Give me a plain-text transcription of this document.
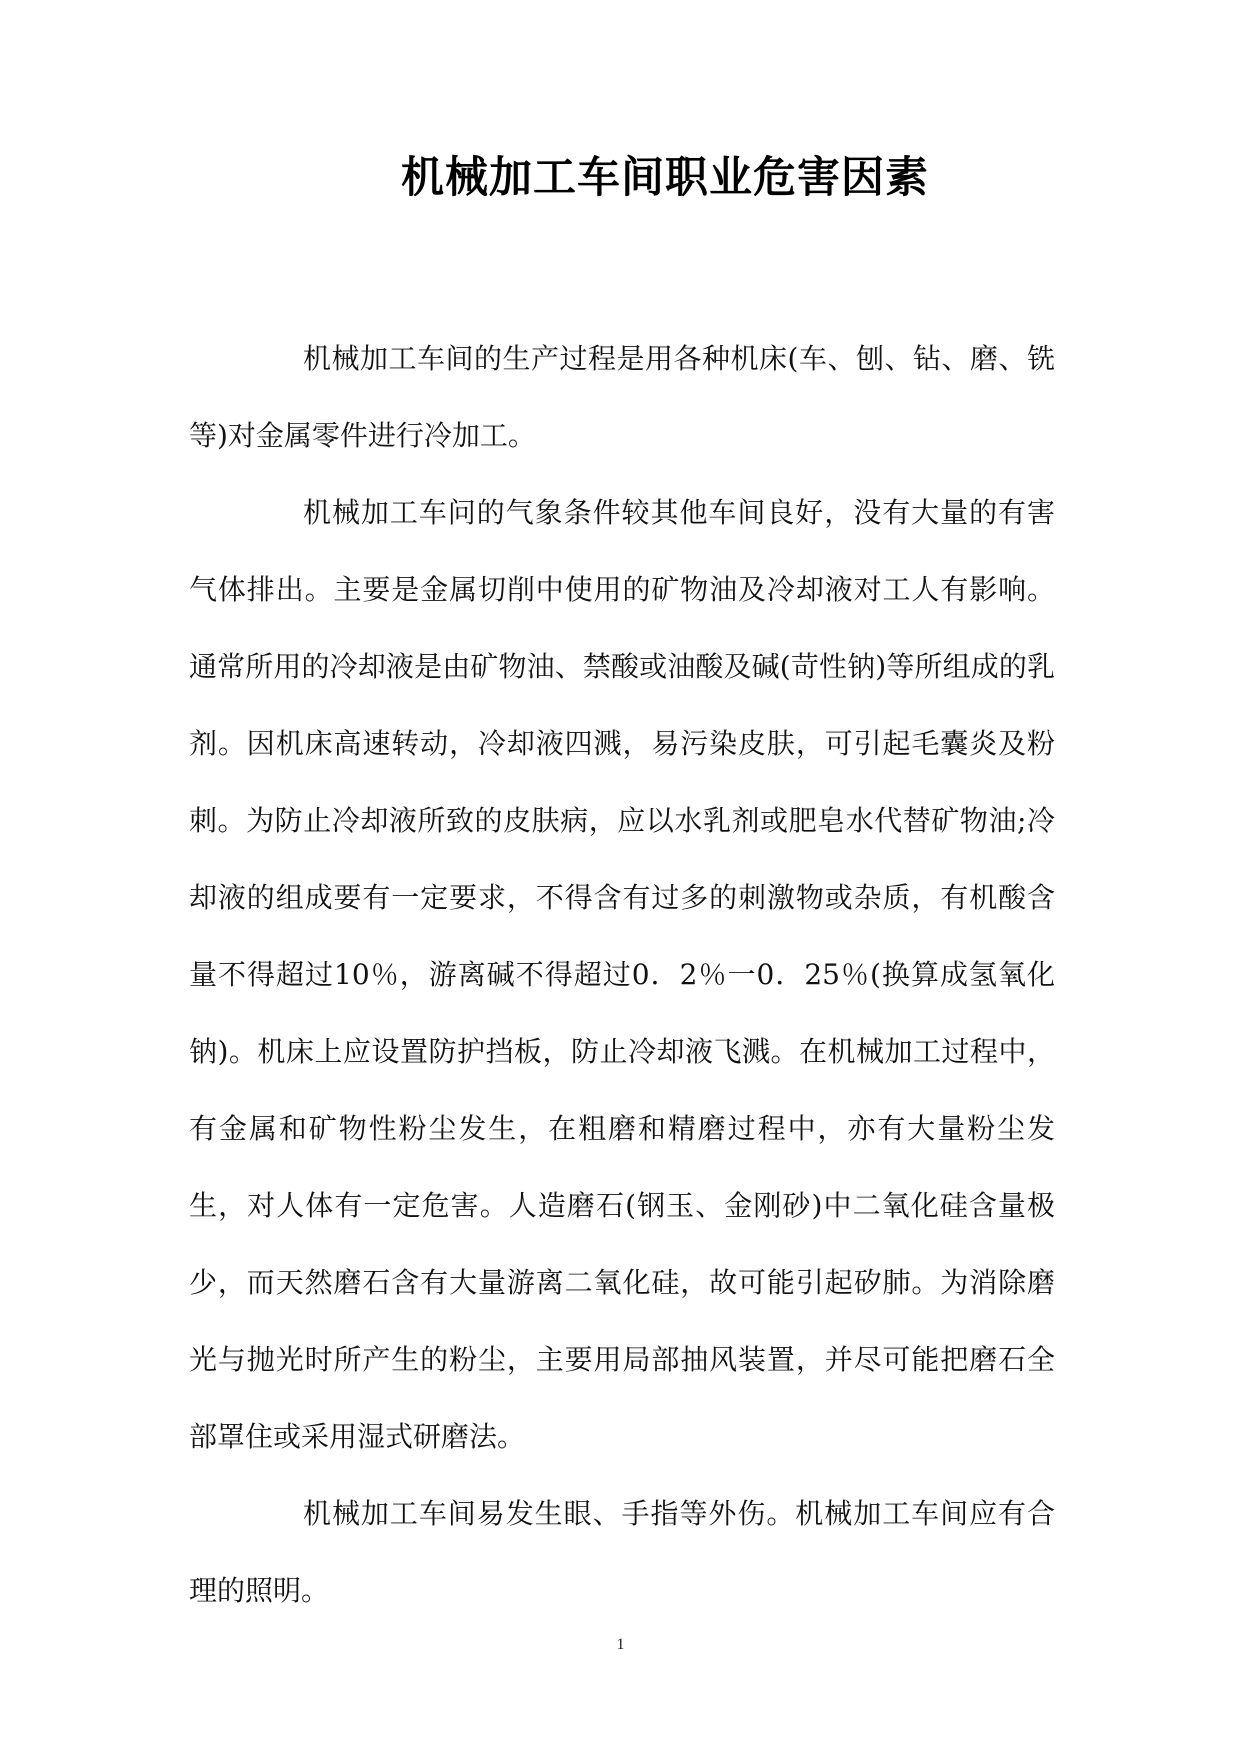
机械加工车间职业危害因素

机械加工车间的生产过程是用各种机床(车、刨、钻、磨、铣等)对金属零件进行冷加工。

机械加工车问的气象条件较其他车间良好，没有大量的有害气体排出。主要是金属切削中使用的矿物油及冷却液对工人有影响。通常所用的冷却液是由矿物油、禁酸或油酸及碱(苛性钠)等所组成的乳剂。因机床高速转动，冷却液四溅，易污染皮肤，可引起毛囊炎及粉刺。为防止冷却液所致的皮肤病，应以水乳剂或肥皂水代替矿物油;冷却液的组成要有一定要求，不得含有过多的刺激物或杂质，有机酸含量不得超过10％，游离碱不得超过0．2％一0．25％(换算成氢氧化钠)。机床上应设置防护挡板，防止冷却液飞溅。在机械加工过程中，有金属和矿物性粉尘发生，在粗磨和精磨过程中，亦有大量粉尘发生，对人体有一定危害。人造磨石(钢玉、金刚砂)中二氧化硅含量极少，而天然磨石含有大量游离二氧化硅，故可能引起矽肺。为消除磨光与抛光时所产生的粉尘，主要用局部抽风装置，并尽可能把磨石全部罩住或采用湿式研磨法。

机械加工车间易发生眼、手指等外伤。机械加工车间应有合理的照明。

1
